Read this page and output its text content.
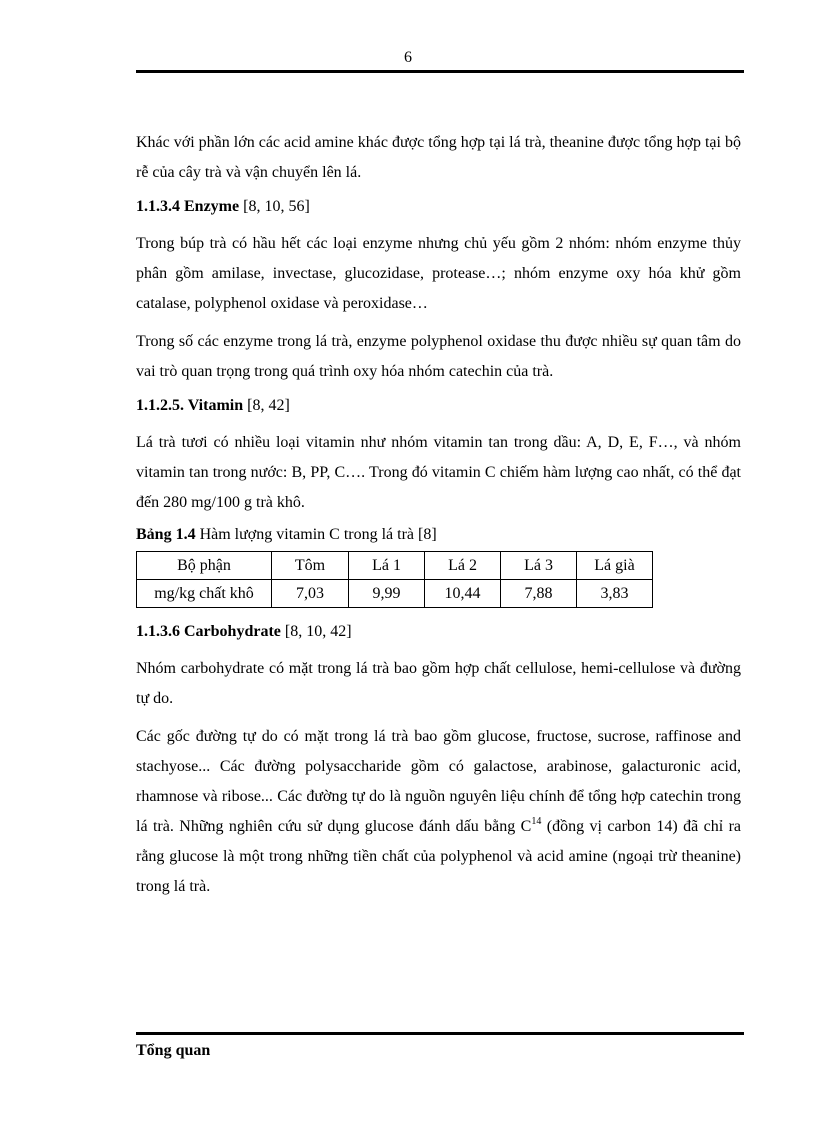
6

Khác với phần lớn các acid amine khác được tổng hợp tại lá trà, theanine được tổng hợp tại bộ rễ của cây trà và vận chuyển lên lá.

1.1.3.4 Enzyme [8, 10, 56]

Trong búp trà có hầu hết các loại enzyme nhưng chủ yếu gồm 2 nhóm: nhóm enzyme thủy phân gồm amilase, invectase, glucozidase, protease…; nhóm enzyme oxy hóa khử gồm catalase, polyphenol oxidase và peroxidase…

Trong số các enzyme trong lá trà, enzyme polyphenol oxidase thu được nhiều sự quan tâm do vai trò quan trọng trong quá trình oxy hóa nhóm catechin của trà.

1.1.2.5. Vitamin [8, 42]

Lá trà tươi có nhiều loại vitamin như nhóm vitamin tan trong dầu: A, D, E, F…, và nhóm vitamin tan trong nước: B, PP, C…. Trong đó vitamin C chiếm hàm lượng cao nhất, có thể đạt đến 280 mg/100 g trà khô.

Bảng 1.4 Hàm lượng vitamin C trong lá trà [8]
Bộ phận	Tôm	Lá 1	Lá 2	Lá 3	Lá già
mg/kg chất khô	7,03	9,99	10,44	7,88	3,83
1.1.3.6 Carbohydrate [8, 10, 42]

Nhóm carbohydrate có mặt trong lá trà bao gồm hợp chất cellulose, hemi-cellulose và đường tự do.

Các gốc đường tự do có mặt trong lá trà bao gồm glucose, fructose, sucrose, raffinose and stachyose... Các đường polysaccharide gồm có galactose, arabinose, galacturonic acid, rhamnose và ribose... Các đường tự do là nguồn nguyên liệu chính để tổng hợp catechin trong lá trà. Những nghiên cứu sử dụng glucose đánh dấu bằng $C^{14}$ (đồng vị carbon 14) đã chỉ ra rằng glucose là một trong những tiền chất của polyphenol và acid amine (ngoại trừ theanine) trong lá trà.

Tổng quan
